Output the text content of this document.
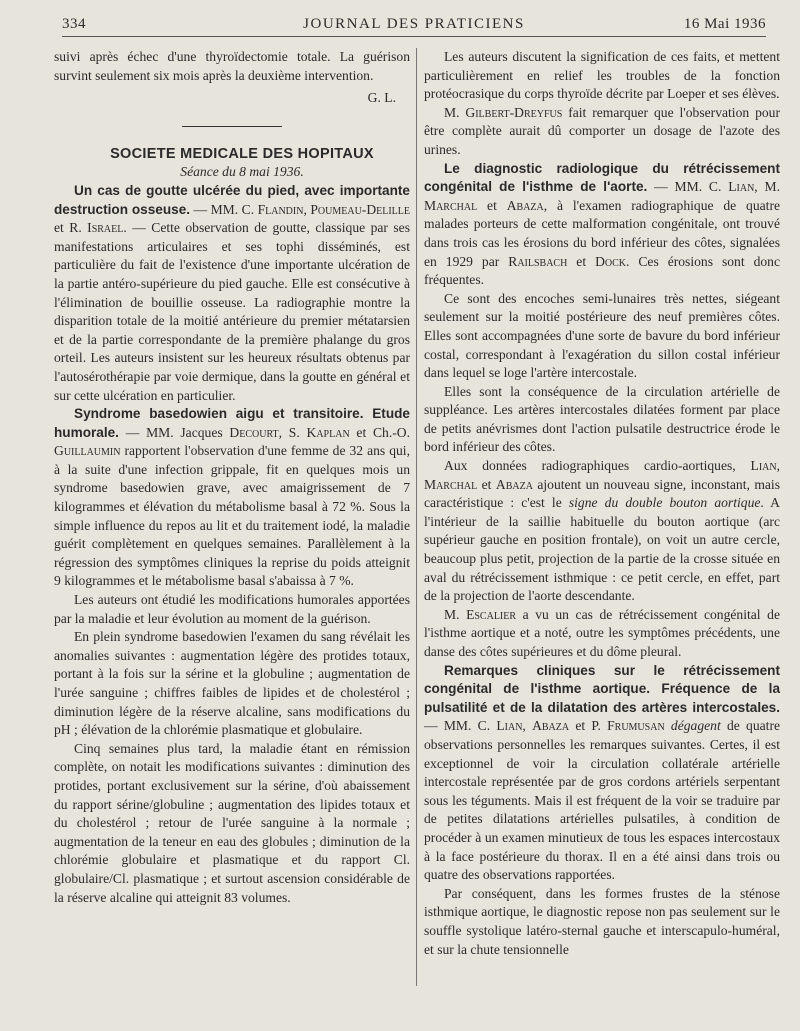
334	JOURNAL DES PRATICIENS	16 Mai 1936

suivi après échec d'une thyroïdectomie totale. La guérison survint seulement six mois après la deuxième intervention.

G. L.

SOCIETE MEDICALE DES HOPITAUX

Séance du 8 mai 1936.

Un cas de goutte ulcérée du pied, avec importante destruction osseuse. — MM. C. Flandin, Poumeau-Delille et R. Israel. — Cette observation de goutte, classique par ses manifestations articulaires et ses tophi disséminés, est particulière du fait de l'existence d'une importante ulcération de la partie antéro-supérieure du pied gauche. Elle est consécutive à l'élimination de bouillie osseuse. La radiographie montre la disparition totale de la moitié antérieure du premier métatarsien et de la partie correspondante de la première phalange du gros orteil. Les auteurs insistent sur les heureux résultats obtenus par l'autosérothérapie par voie dermique, dans la goutte en général et sur cette ulcération en particulier.

Syndrome basedowien aigu et transitoire. Etude humorale. — MM. Jacques Decourt, S. Kaplan et Ch.-O. Guillaumin rapportent l'observation d'une femme de 32 ans qui, à la suite d'une infection grippale, fit en quelques mois un syndrome basedowien grave, avec amaigrissement de 7 kilogrammes et élévation du métabolisme basal à 72 %. Sous la simple influence du repos au lit et du traitement iodé, la maladie guérit complètement en quelques semaines. Parallèlement à la régression des symptômes cliniques la reprise du poids atteignit 9 kilogrammes et le métabolisme basal s'abaissa à 7 %.

Les auteurs ont étudié les modifications humorales apportées par la maladie et leur évolution au moment de la guérison.

En plein syndrome basedowien l'examen du sang révélait les anomalies suivantes : augmentation légère des protides totaux, portant à la fois sur la sérine et la globuline ; augmentation de l'urée sanguine ; chiffres faibles de lipides et de cholestérol ; diminution légère de la réserve alcaline, sans modifications du pH ; élévation de la chlorémie plasmatique et globulaire.

Cinq semaines plus tard, la maladie étant en rémission complète, on notait les modifications suivantes : diminution des protides, portant exclusivement sur la sérine, d'où abaissement du rapport sérine/globuline ; augmentation des lipides totaux et du cholestérol ; retour de l'urée sanguine à la normale ; augmentation de la teneur en eau des globules ; diminution de la chlorémie globulaire et plasmatique et du rapport Cl. globulaire/Cl. plasmatique ; et surtout ascension considérable de la réserve alcaline qui atteignit 83 volumes.

Les auteurs discutent la signification de ces faits, et mettent particulièrement en relief les troubles de la fonction protéocrasique du corps thyroïde décrite par Loeper et ses élèves.

M. Gilbert-Dreyfus fait remarquer que l'observation pour être complète aurait dû comporter un dosage de l'azote des urines.

Le diagnostic radiologique du rétrécissement congénital de l'isthme de l'aorte. — MM. C. Lian, M. Marchal et Abaza, à l'examen radiographique de quatre malades porteurs de cette malformation congénitale, ont trouvé dans trois cas les érosions du bord inférieur des côtes, signalées en 1929 par Railsbach et Dock. Ces érosions sont donc fréquentes.

Ce sont des encoches semi-lunaires très nettes, siégeant seulement sur la moitié postérieure des neuf premières côtes. Elles sont accompagnées d'une sorte de bavure du bord inférieur costal, correspondant à l'exagération du sillon costal inférieur dans lequel se loge l'artère intercostale.

Elles sont la conséquence de la circulation artérielle de suppléance. Les artères intercostales dilatées forment par place de petits anévrismes dont l'action pulsatile destructrice érode le bord inférieur des côtes.

Aux données radiographiques cardio-aortiques, Lian, Marchal et Abaza ajoutent un nouveau signe, inconstant, mais caractéristique : c'est le signe du double bouton aortique. A l'intérieur de la saillie habituelle du bouton aortique (arc supérieur gauche en position frontale), on voit un autre cercle, beaucoup plus petit, projection de la partie de la crosse située en aval du rétrécissement isthmique : ce petit cercle, en effet, part de la projection de l'aorte descendante.

M. Escalier a vu un cas de rétrécissement congénital de l'isthme aortique et a noté, outre les symptômes précédents, une danse des côtes supérieures et du dôme pleural.

Remarques cliniques sur le rétrécissement congénital de l'isthme aortique. Fréquence de la pulsatilité et de la dilatation des artères intercostales. — MM. C. Lian, Abaza et P. Frumusan dégagent de quatre observations personnelles les remarques suivantes. Certes, il est exceptionnel de voir la circulation collatérale artérielle intercostale représentée par de gros cordons artériels serpentant sous les téguments. Mais il est fréquent de la voir se traduire par de petites dilatations artérielles pulsatiles, à condition de procéder à un examen minutieux de tous les espaces intercostaux à la face postérieure du thorax. Il en a été ainsi dans trois ou quatre des observations rapportées.

Par conséquent, dans les formes frustes de la sténose isthmique aortique, le diagnostic repose non pas seulement sur le souffle systolique latéro-sternal gauche et interscapulo-huméral, et sur la chute tensionnelle
